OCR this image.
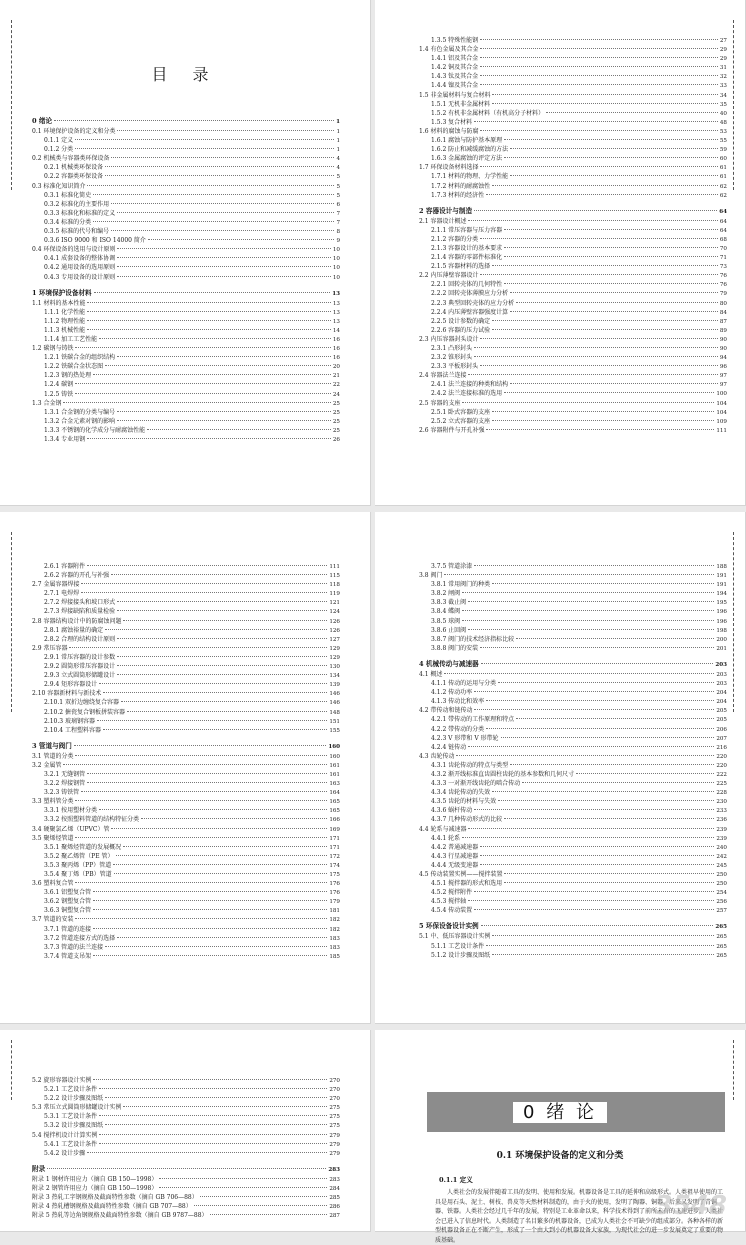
目 录
0 绪论	1
0.1 环境保护设备的定义和分类	1
0.1.1 定义	1
0.1.2 分类	1
0.2 机械类与容器类环保设备	4
0.2.1 机械类环保设备	4
0.2.2 容器类环保设备	5
0.3 标准化知识简介	5
0.3.1 标准化简史	5
0.3.2 标准化的主要作用	6
0.3.3 标准化和标准的定义	7
0.3.4 标准的分类	7
0.3.5 标准的代号和编号	8
0.3.6 ISO 9000 和 ISO 14000 简介	9
0.4 环保设备的选用与设计原则	10
0.4.1 成套设备的整体协调	10
0.4.2 通用设备的选用原则	10
0.4.3 专用设备的设计原则	10
1 环境保护设备材料	13
1.1 材料的基本性能	13
1.1.1 化学性能	13
1.1.2 物理性能	13
1.1.3 机械性能	14
1.1.4 加工工艺性能	16
1.2 碳钢与铸铁	16
1.2.1 铁碳合金的组织结构	16
1.2.2 铁碳合金状态图	20
1.2.3 钢的热处理	21
1.2.4 碳钢	22
1.2.5 铸铁	24
1.3 合金钢	25
1.3.1 合金钢的分类与编号	25
1.3.2 合金元素对钢的影响	25
1.3.3 不锈钢的化学成分与耐腐蚀性能	25
1.3.4 专业用钢	26
1.3.5 特殊性能钢	27
1.4 有色金属及其合金	29
1.4.1 铝及其合金	29
1.4.2 铜及其合金	31
1.4.3 钛及其合金	32
1.4.4 镍及其合金	33
1.5 非金属材料与复合材料	34
1.5.1 无机非金属材料	35
1.5.2 有机非金属材料（有机高分子材料）	40
1.5.3 复合材料	48
1.6 材料的腐蚀与防腐	53
1.6.1 腐蚀与防护基本原理	55
1.6.2 防止和减缓腐蚀的方法	59
1.6.3 金属腐蚀的评定方法	60
1.7 环保设备材料选择	61
1.7.1 材料的物理、力学性能	61
1.7.2 材料的耐腐蚀性	62
1.7.3 材料的经济性	62
2 容器设计与制造	64
2.1 容器设计概述	64
2.1.1 常压容器与压力容器	64
2.1.2 容器的分类	68
2.1.3 容器设计的基本要求	70
2.1.4 容器的零部件标准化	71
2.1.5 容器材料的选择	73
2.2 内压薄壁容器设计	76
2.2.1 回转壳体的几何特性	76
2.2.2 回转壳体薄膜应力分析	79
2.2.3 典型回转壳体的应力分析	80
2.2.4 内压薄壁容器强度计算	84
2.2.5 设计参数的确定	87
2.2.6 容器的压力试验	89
2.3 内压容器封头设计	90
2.3.1 凸形封头	90
2.3.2 锥形封头	94
2.3.3 平板形封头	96
2.4 容器法兰连接	97
2.4.1 法兰连接的种类和结构	97
2.4.2 法兰连接标准的选用	100
2.5 容器的支座	104
2.5.1 卧式容器的支座	104
2.5.2 立式容器的支座	109
2.6 容器附件与开孔补强	111
2.6.1 容器附件	111
2.6.2 容器的开孔与补强	115
2.7 金属容器焊接	118
2.7.1 电焊焊	119
2.7.2 焊接接头和坡口形式	121
2.7.3 焊接缺陷和质量检验	124
2.8 容器结构设计中的防腐蚀问题	126
2.8.1 腐蚀裕量的确定	126
2.8.2 合理的结构设计原则	127
2.9 常压容器	129
2.9.1 常压容器的设计参数	129
2.9.2 圆筒形常压容器设计	130
2.9.3 立式圆筒形储罐设计	134
2.9.4 矩形容器设计	139
2.10 容器新材料与新技术	146
2.10.1 双折边缠绕复合容器	146
2.10.2 搪瓷复合钢板拼装容器	148
2.10.3 玻璃钢容器	151
2.10.4 工程塑料容器	155
3 管道与阀门	160
3.1 管道的分类	160
3.2 金属管	161
3.2.1 无缝钢管	161
3.2.2 焊接钢管	163
3.2.3 铸铁管	164
3.3 塑料管分类	165
3.3.1 按用塑材分类	165
3.3.2 按照塑料管道的结构特征分类	166
3.4 硬聚氯乙烯（UPVC）管	169
3.5 聚烯烃管道	171
3.5.1 聚烯烃管道的发展概况	171
3.5.2 聚乙烯管（PE 管）	172
3.5.3 聚丙烯（PP）管道	174
3.5.4 聚丁烯（PB）管道	175
3.6 塑料复合管	176
3.6.1 铝塑复合管	176
3.6.2 钢塑复合管	179
3.6.3 铜塑复合管	181
3.7 管道的安装	182
3.7.1 管道的连接	182
3.7.2 管道连接方式的选择	183
3.7.3 管道的法兰连接	183
3.7.4 管道支吊架	185
3.7.5 管道涂漆	188
3.8 阀门	191
3.8.1 常用阀门的种类	191
3.8.2 闸阀	194
3.8.3 截止阀	195
3.8.4 蝶阀	196
3.8.5 球阀	196
3.8.6 止回阀	198
3.8.7 阀门的技术经济指标比较	200
3.8.8 阀门的安装	201
4 机械传动与减速器	203
4.1 概述	203
4.1.1 传动的运用与分类	203
4.1.2 传动功率	204
4.1.3 传动比和效率	204
4.2 带传动和链传动	205
4.2.1 带传动的工作原理和特点	205
4.2.2 带传动的分类	206
4.2.3 V 形带和 V 形带轮	207
4.2.4 链传动	216
4.3 齿轮传动	220
4.3.1 齿轮传动的特点与类型	220
4.3.2 渐开线标准直齿圆柱齿轮的基本参数和几何尺寸	222
4.3.3 一对渐开线齿轮的啮合传动	225
4.3.4 齿轮传动的失效	228
4.3.5 齿轮的材料与失效	230
4.3.6 蜗杆传动	233
4.3.7 几种传动形式的比较	236
4.4 轮系与减速器	239
4.4.1 轮系	239
4.4.2 普通减速器	240
4.4.3 行星减速器	242
4.4.4 无级变速器	245
4.5 传动装置实例——搅拌装置	250
4.5.1 搅拌器的形式和选用	250
4.5.2 搅拌附件	254
4.5.3 搅拌轴	256
4.5.4 传动装置	257
5 环保设备设计实例	265
5.1 中、低压容器设计实例	265
5.1.1 工艺设计条件	265
5.1.2 设计步骤及图纸	265
5.2 旋形容器设计实例	270
5.2.1 工艺设计条件	270
5.2.2 设计步骤及图纸	270
5.3 常压立式圆筒形储罐设计实例	275
5.3.1 工艺设计条件	275
5.3.2 设计步骤及图纸	275
5.4 搅拌机设计计算实例	279
5.4.1 工艺设计条件	279
5.4.2 设计步骤	279
附录	283
附录 1 钢材许用应力（摘自 GB 150—1998）	283
附录 2 钢管许用应力（摘自 GB 150—1998）	284
附录 3 热轧工字钢规格及截面特性参数（摘自 GB 706—88）	285
附录 4 热轧槽钢规格及截面特性参数（摘自 GB 707—88）	286
附录 5 热轧等边角钢规格及截面特性参数（摘自 GB 9787—88）	287
0 绪 论
0.1 环境保护设备的定义和分类
0.1.1 定义
人类社会的发展伴随着工具的发明、使用和发展。机器设备是工具的延伸和高级形式。人类祖早使用的工具是用石头、泥土、树枝、兽皮等天然材料制造的，由于火的使用，发明了陶器、铜器、后来又发明了青铜器、铁器。人类社会经过几千年的发展，特别是工业革命以来，科学技术得到了前所未有的飞速进步，人类社会已进入了信息时代。人类制造了名目繁多的机器设备，已成为人类社会不可缺少的组成部分。各种各样的新型机器设备正在不断产生，形成了一个由大到小的机器设备大家族，为现代社会的进一步发展奠定了重要的物质基础。
3548
